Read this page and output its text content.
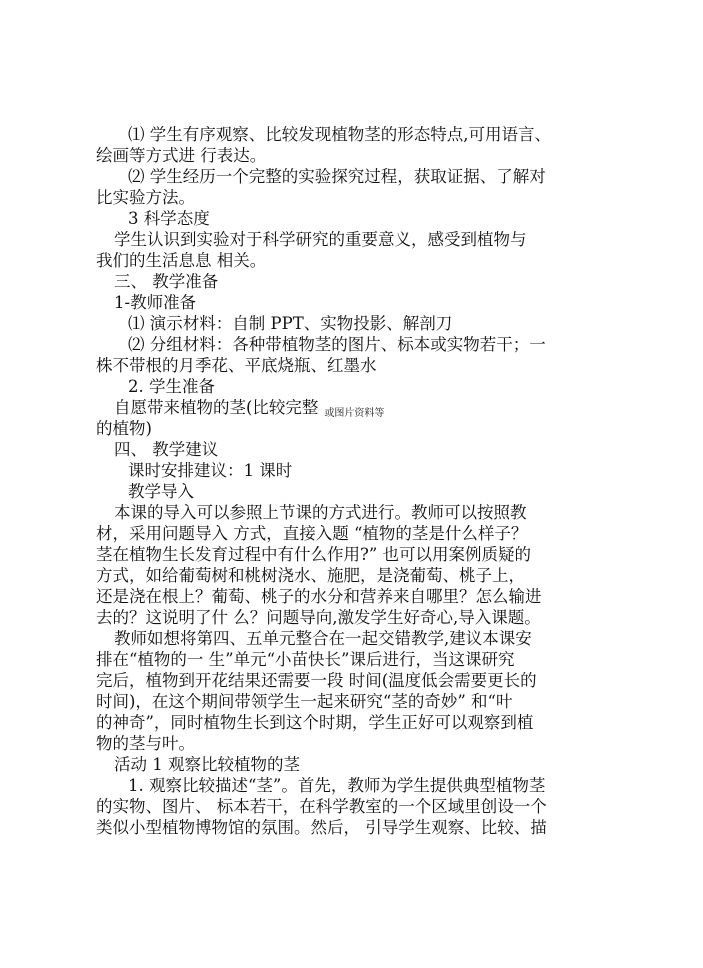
⑴ 学生有序观察、比较发现植物茎的形态特点,可用语言、
绘画等方式进 行表达。
⑵ 学生经历一个完整的实验探究过程，获取证据、了解对
比实验方法。
3 科学态度
学生认识到实验对于科学研究的重要意义，感受到植物与
我们的生活息息 相关。
三、 教学准备
1-教师准备
⑴ 演示材料：自制 PPT、实物投影、解剖刀
⑵ 分组材料：各种带植物茎的图片、标本或实物若干；一
株不带根的月季花、平底烧瓶、红墨水
2. 学生准备
自愿带来植物的茎(比较完整 或图片资料等
的植物)
四、 教学建议
课时安排建议：1 课时
教学导入
本课的导入可以参照上节课的方式进行。教师可以按照教
材，采用问题导入 方式，直接入题 “植物的茎是什么样子？
茎在植物生长发育过程中有什么作用?” 也可以用案例质疑的
方式，如给葡萄树和桃树浇水、施肥，是浇葡萄、桃子上，
还是浇在根上？葡萄、桃子的水分和营养来自哪里？怎么输进
去的？这说明了什 么？问题导向,激发学生好奇心,导入课题。
教师如想将第四、五单元整合在一起交错教学,建议本课安
排在“植物的一 生”单元“小苗快长”课后进行，当这课研究
完后，植物到开花结果还需要一段 时间(温度低会需要更长的
时间)，在这个期间带领学生一起来研究“茎的奇妙” 和“叶
的神奇”，同时植物生长到这个时期，学生正好可以观察到植
物的茎与叶。
活动 1 观察比较植物的茎
1. 观察比较描述“茎”。首先，教师为学生提供典型植物茎
的实物、图片、 标本若干，在科学教室的一个区域里创设一个
类似小型植物博物馆的氛围。然后， 引导学生观察、比较、描
